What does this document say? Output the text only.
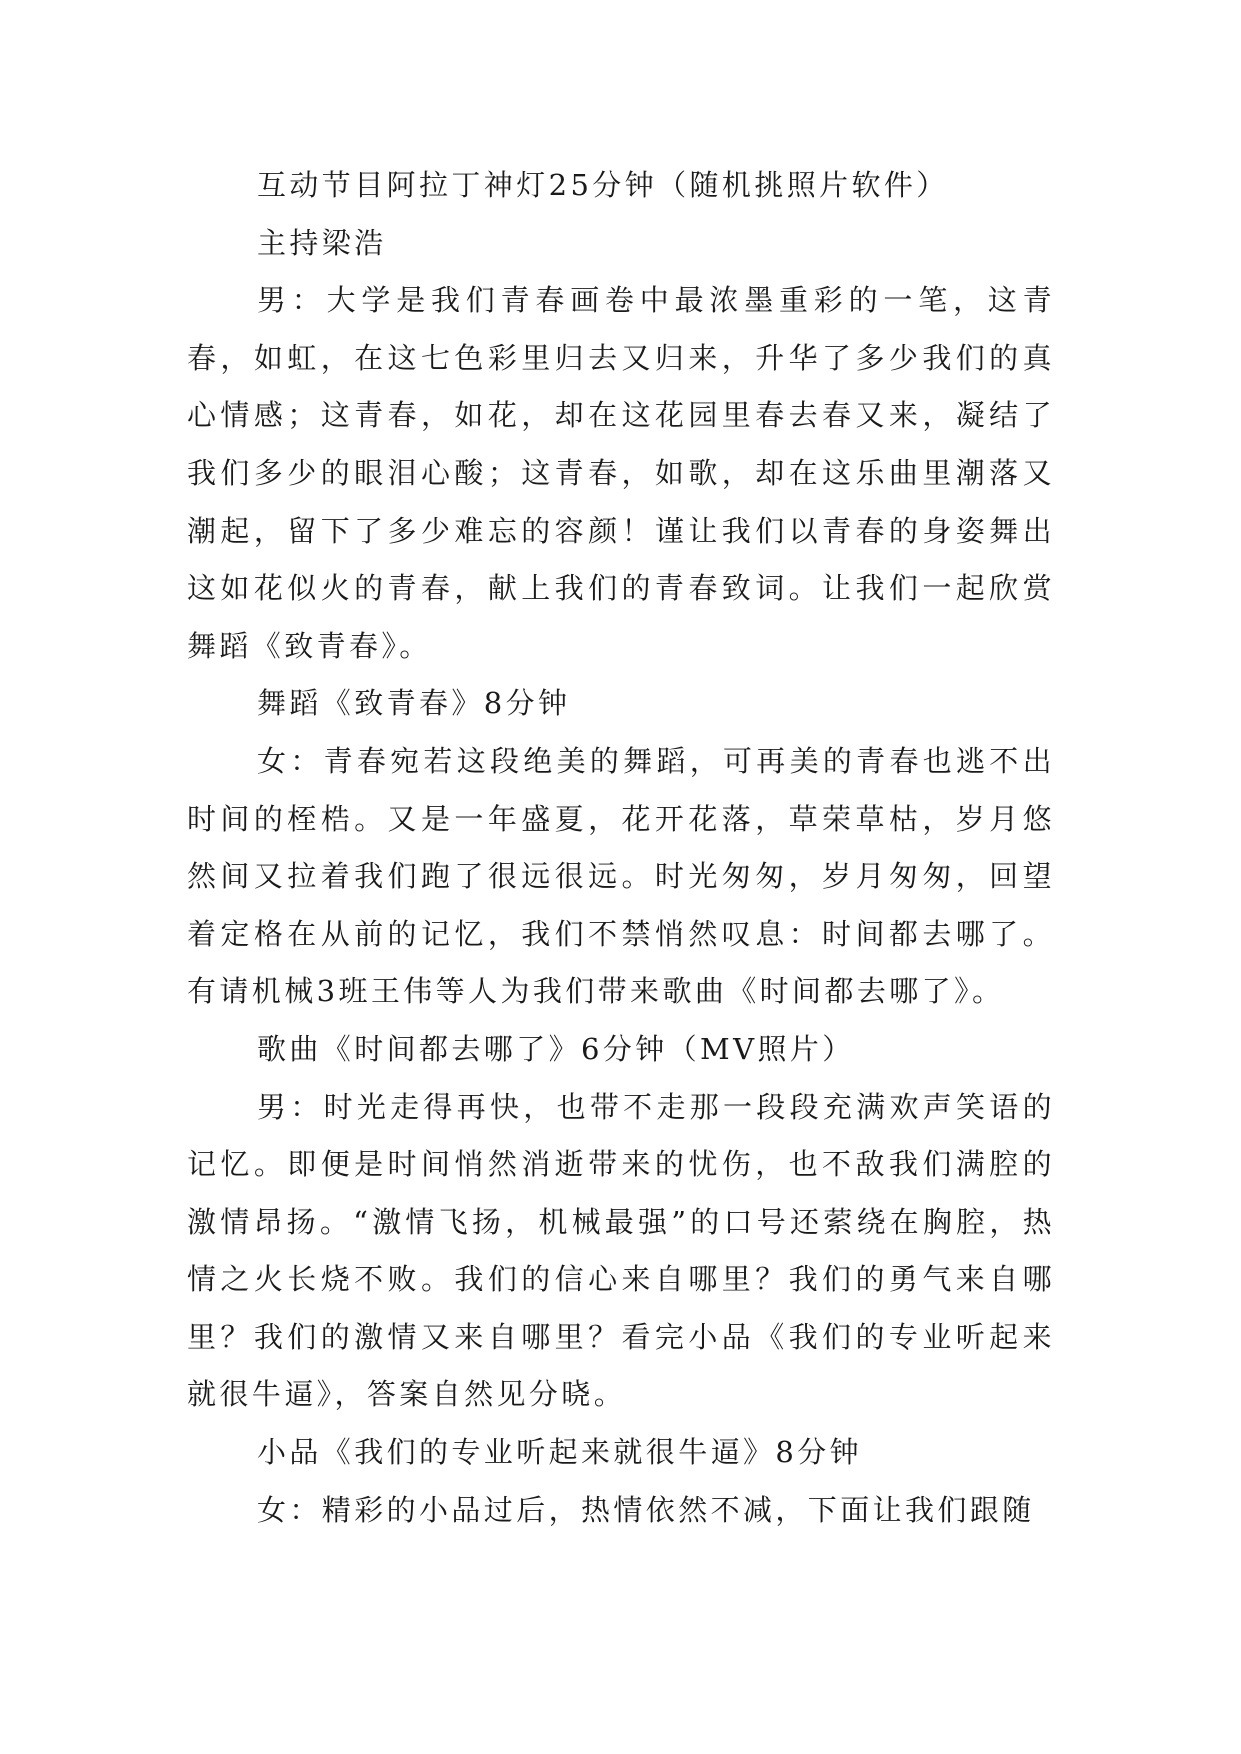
互动节目阿拉丁神灯25分钟（随机挑照片软件）

主持梁浩

男：大学是我们青春画卷中最浓墨重彩的一笔，这青春，如虹，在这七色彩里归去又归来，升华了多少我们的真心情感；这青春，如花，却在这花园里春去春又来，凝结了我们多少的眼泪心酸；这青春，如歌，却在这乐曲里潮落又潮起，留下了多少难忘的容颜！谨让我们以青春的身姿舞出这如花似火的青春，献上我们的青春致词。让我们一起欣赏舞蹈《致青春》。

舞蹈《致青春》8分钟

女：青春宛若这段绝美的舞蹈，可再美的青春也逃不出时间的桎梏。又是一年盛夏，花开花落，草荣草枯，岁月悠然间又拉着我们跑了很远很远。时光匆匆，岁月匆匆，回望着定格在从前的记忆，我们不禁悄然叹息：时间都去哪了。有请机械3班王伟等人为我们带来歌曲《时间都去哪了》。

歌曲《时间都去哪了》6分钟（MV照片）

男：时光走得再快，也带不走那一段段充满欢声笑语的记忆。即便是时间悄然消逝带来的忧伤，也不敌我们满腔的激情昂扬。“激情飞扬，机械最强”的口号还萦绕在胸腔，热情之火长烧不败。我们的信心来自哪里？我们的勇气来自哪里？我们的激情又来自哪里？看完小品《我们的专业听起来就很牛逼》，答案自然见分晓。

小品《我们的专业听起来就很牛逼》8分钟

女：精彩的小品过后，热情依然不减，下面让我们跟随
